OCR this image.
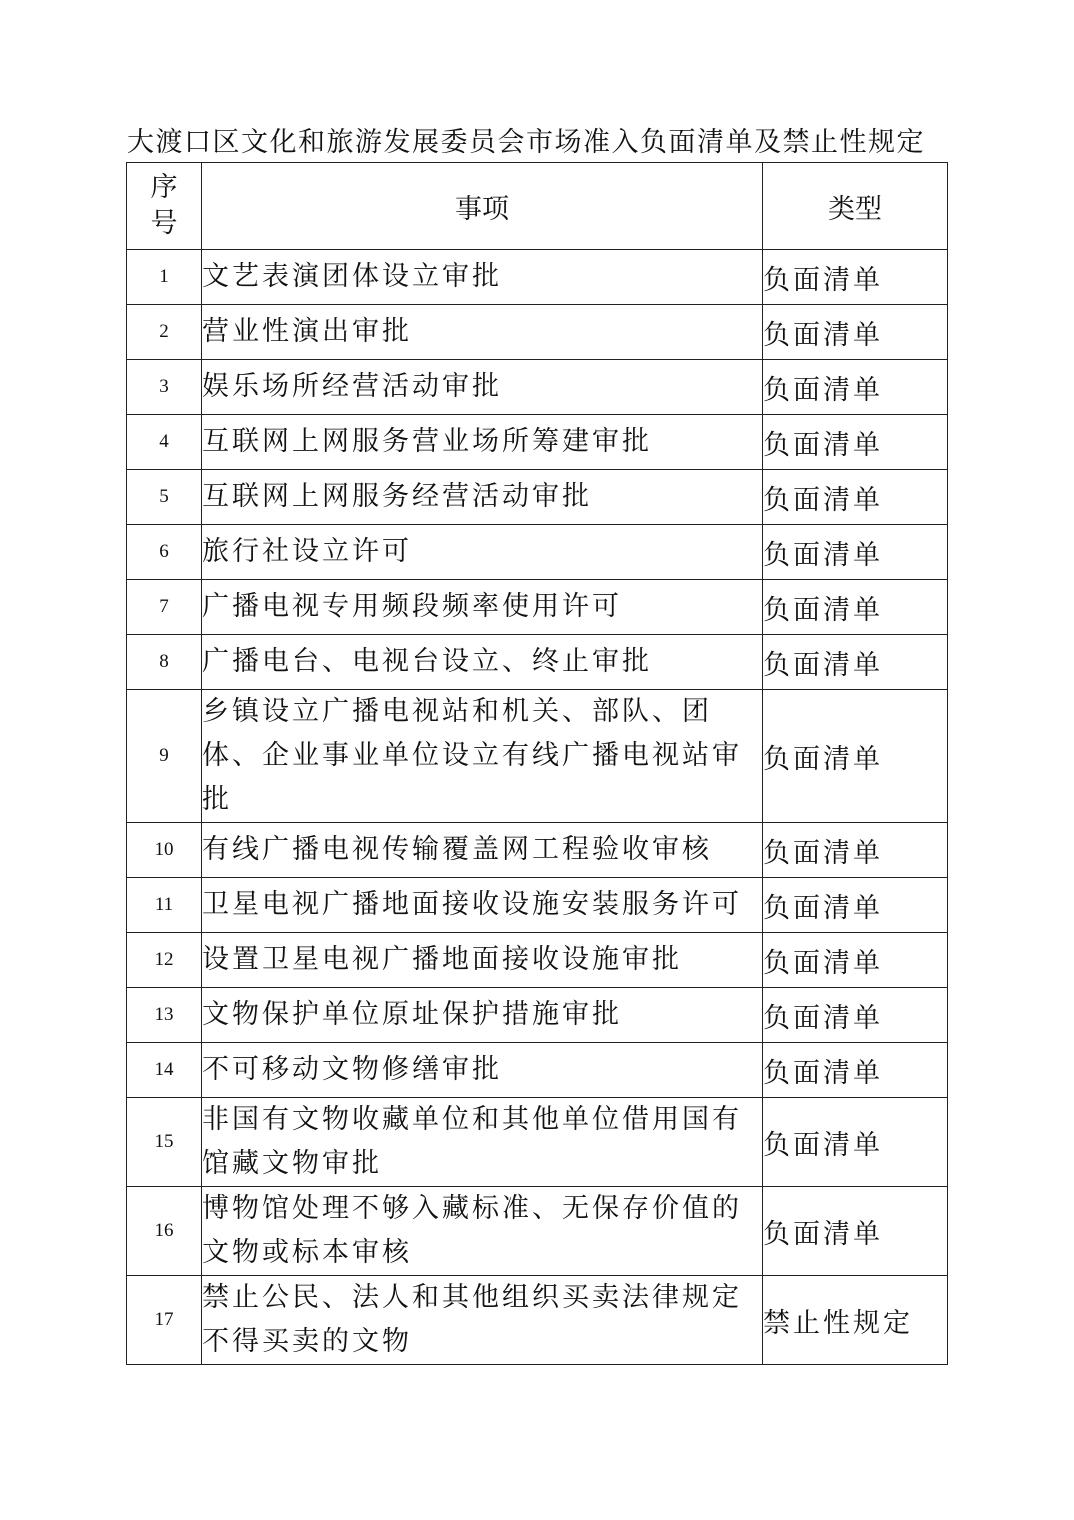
大渡口区文化和旅游发展委员会市场准入负面清单及禁止性规定
序号	事项	类型
1	文艺表演团体设立审批	负面清单
2	营业性演出审批	负面清单
3	娱乐场所经营活动审批	负面清单
4	互联网上网服务营业场所筹建审批	负面清单
5	互联网上网服务经营活动审批	负面清单
6	旅行社设立许可	负面清单
7	广播电视专用频段频率使用许可	负面清单
8	广播电台、电视台设立、终止审批	负面清单
9	乡镇设立广播电视站和机关、部队、团体、企业事业单位设立有线广播电视站审批	负面清单
10	有线广播电视传输覆盖网工程验收审核	负面清单
11	卫星电视广播地面接收设施安装服务许可	负面清单
12	设置卫星电视广播地面接收设施审批	负面清单
13	文物保护单位原址保护措施审批	负面清单
14	不可移动文物修缮审批	负面清单
15	非国有文物收藏单位和其他单位借用国有馆藏文物审批	负面清单
16	博物馆处理不够入藏标准、无保存价值的文物或标本审核	负面清单
17	禁止公民、法人和其他组织买卖法律规定不得买卖的文物	禁止性规定
